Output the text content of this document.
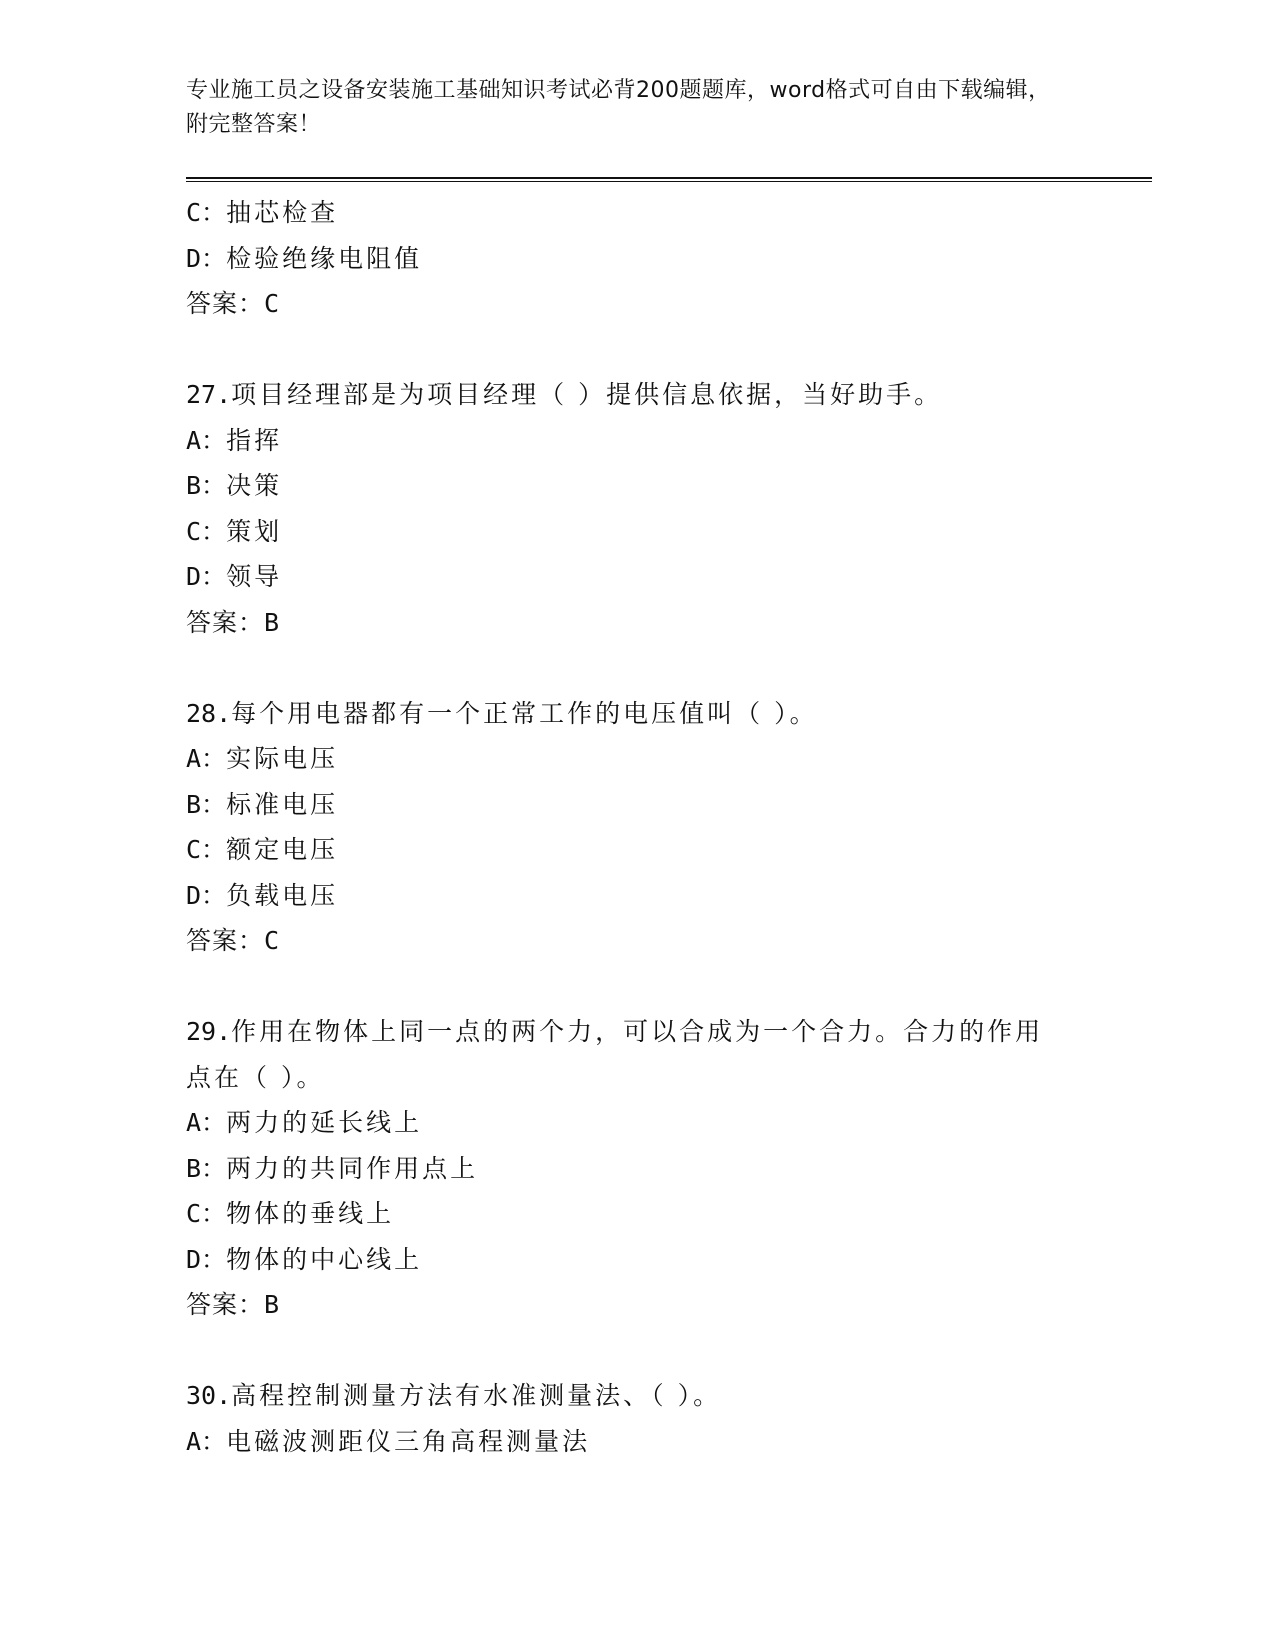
专业施工员之设备安装施工基础知识考试必背200题题库，word格式可自由下载编辑，附完整答案！
C：抽芯检查
D：检验绝缘电阻值
答案：C
27.项目经理部是为项目经理（ ）提供信息依据，当好助手。
A：指挥
B：决策
C：策划
D：领导
答案：B
28.每个用电器都有一个正常工作的电压值叫（ ）。
A：实际电压
B：标准电压
C：额定电压
D：负载电压
答案：C
29.作用在物体上同一点的两个力，可以合成为一个合力。合力的作用点在（ ）。
A：两力的延长线上
B：两力的共同作用点上
C：物体的垂线上
D：物体的中心线上
答案：B
30.高程控制测量方法有水准测量法、（ ）。
A：电磁波测距仪三角高程测量法
